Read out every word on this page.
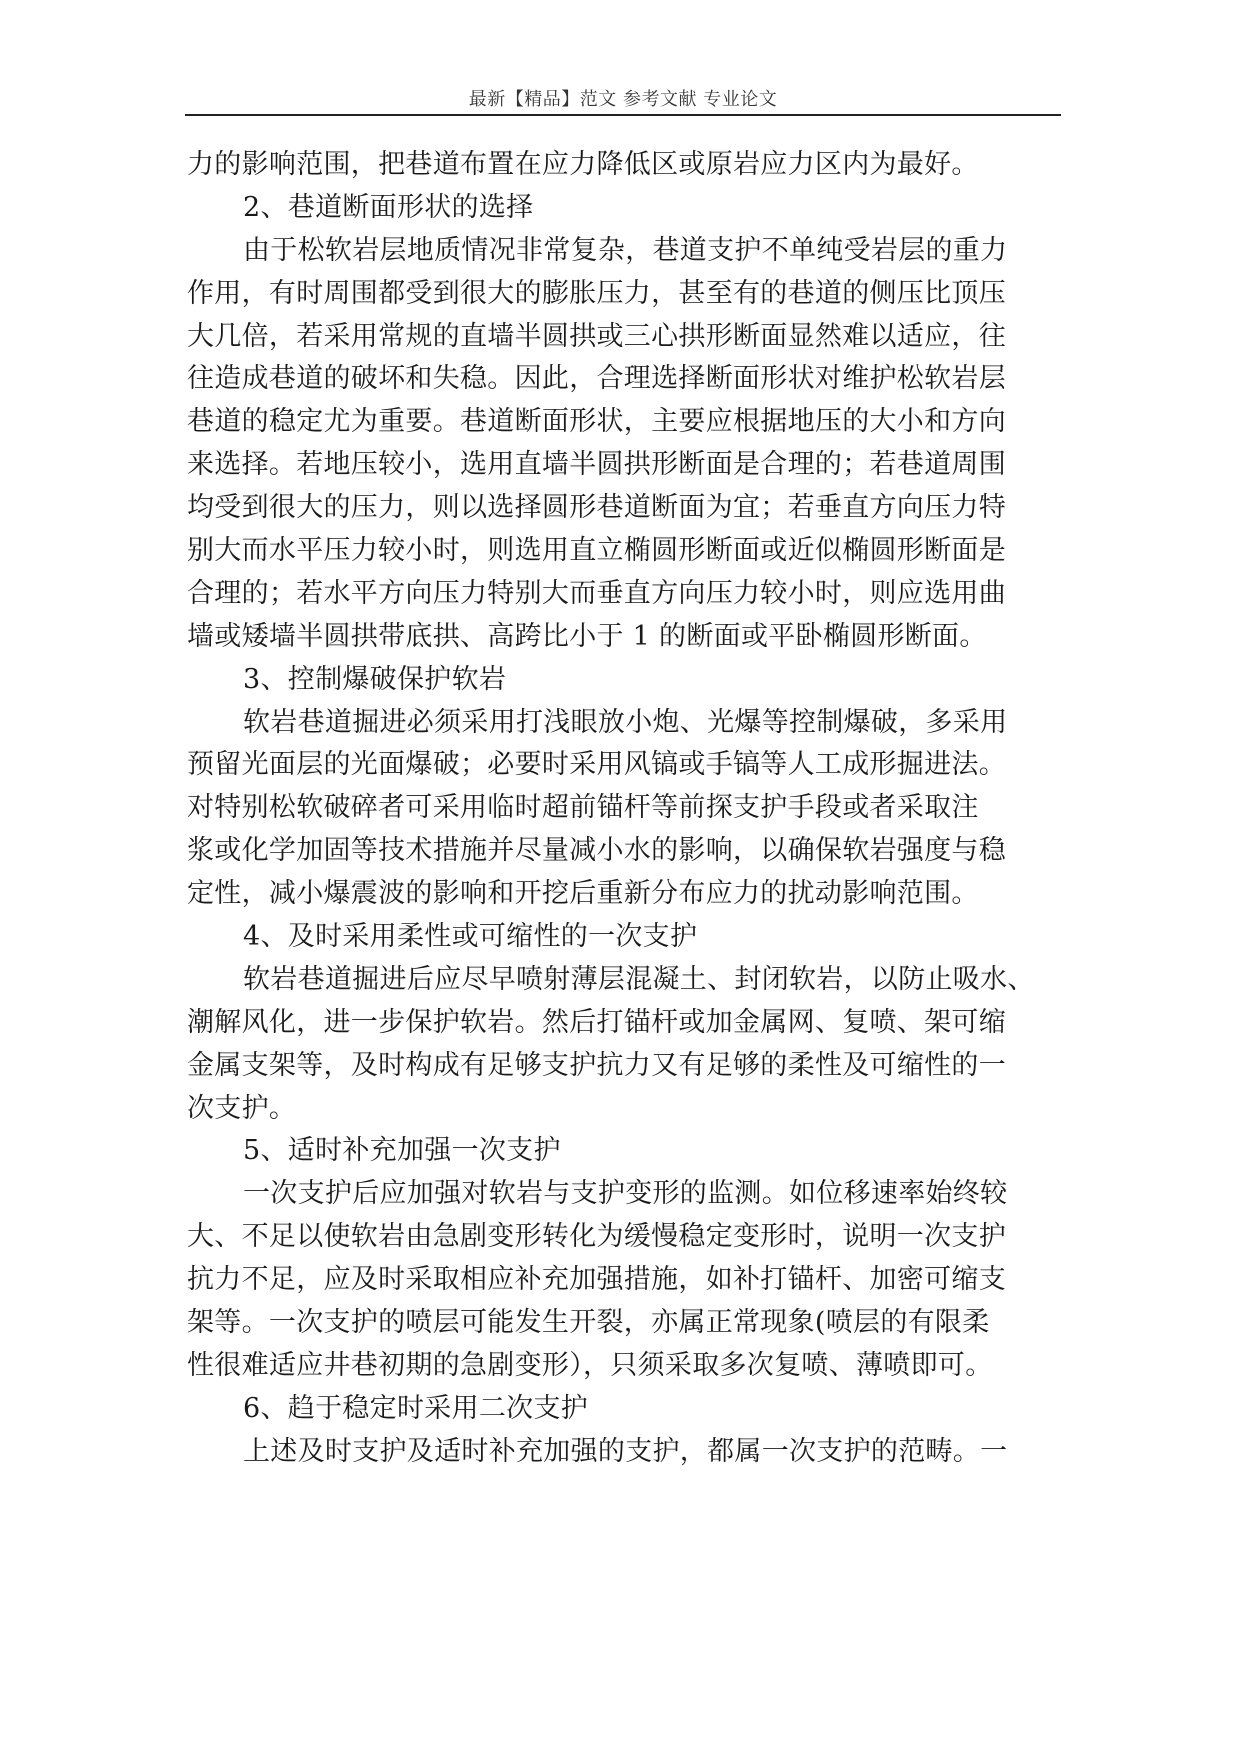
最新【精品】范文 参考文献 专业论文
力的影响范围，把巷道布置在应力降低区或原岩应力区内为最好。
2、巷道断面形状的选择
由于松软岩层地质情况非常复杂，巷道支护不单纯受岩层的重力
作用，有时周围都受到很大的膨胀压力，甚至有的巷道的侧压比顶压
大几倍，若采用常规的直墙半圆拱或三心拱形断面显然难以适应，往
往造成巷道的破坏和失稳。因此，合理选择断面形状对维护松软岩层
巷道的稳定尤为重要。巷道断面形状，主要应根据地压的大小和方向
来选择。若地压较小，选用直墙半圆拱形断面是合理的；若巷道周围
均受到很大的压力，则以选择圆形巷道断面为宜；若垂直方向压力特
别大而水平压力较小时，则选用直立椭圆形断面或近似椭圆形断面是
合理的；若水平方向压力特别大而垂直方向压力较小时，则应选用曲
墙或矮墙半圆拱带底拱、高跨比小于 1 的断面或平卧椭圆形断面。
3、控制爆破保护软岩
软岩巷道掘进必须采用打浅眼放小炮、光爆等控制爆破，多采用
预留光面层的光面爆破；必要时采用风镐或手镐等人工成形掘进法。
对特别松软破碎者可采用临时超前锚杆等前探支护手段或者采取注
浆或化学加固等技术措施并尽量减小水的影响，以确保软岩强度与稳
定性，减小爆震波的影响和开挖后重新分布应力的扰动影响范围。
4、及时采用柔性或可缩性的一次支护
软岩巷道掘进后应尽早喷射薄层混凝土、封闭软岩，以防止吸水、
潮解风化，进一步保护软岩。然后打锚杆或加金属网、复喷、架可缩
金属支架等，及时构成有足够支护抗力又有足够的柔性及可缩性的一
次支护。
5、适时补充加强一次支护
一次支护后应加强对软岩与支护变形的监测。如位移速率始终较
大、不足以使软岩由急剧变形转化为缓慢稳定变形时，说明一次支护
抗力不足，应及时采取相应补充加强措施，如补打锚杆、加密可缩支
架等。一次支护的喷层可能发生开裂，亦属正常现象(喷层的有限柔
性很难适应井巷初期的急剧变形），只须采取多次复喷、薄喷即可。
6、趋于稳定时采用二次支护
上述及时支护及适时补充加强的支护，都属一次支护的范畴。一
